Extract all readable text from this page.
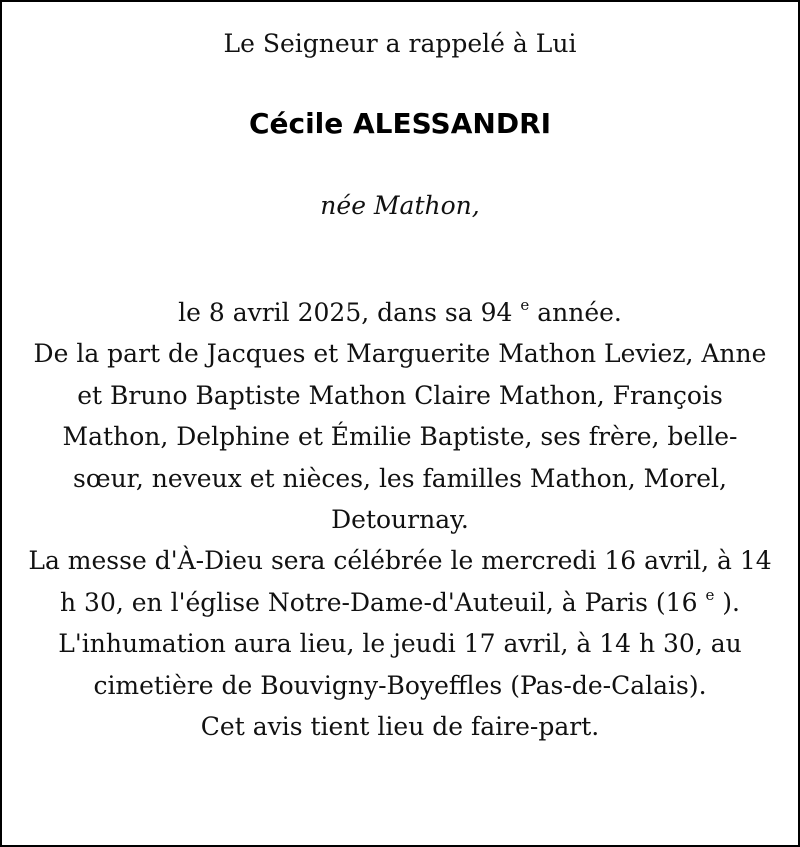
Le Seigneur a rappelé à Lui
Cécile ALESSANDRI
née Mathon,

le 8 avril 2025, dans sa 94 $^e$ année.

De la part de Jacques et Marguerite Mathon Leviez, Anne et Bruno Baptiste Mathon Claire Mathon, François Mathon, Delphine et Émilie Baptiste, ses frère, belle-sœur, neveux et nièces, les familles Mathon, Morel, Detournay.

La messe d'À-Dieu sera célébrée le mercredi 16 avril, à 14 h 30, en l'église Notre-Dame-d'Auteuil, à Paris (16 $^e$ ). L'inhumation aura lieu, le jeudi 17 avril, à 14 h 30, au cimetière de Bouvigny-Boyeffles (Pas-de-Calais).

Cet avis tient lieu de faire-part.
